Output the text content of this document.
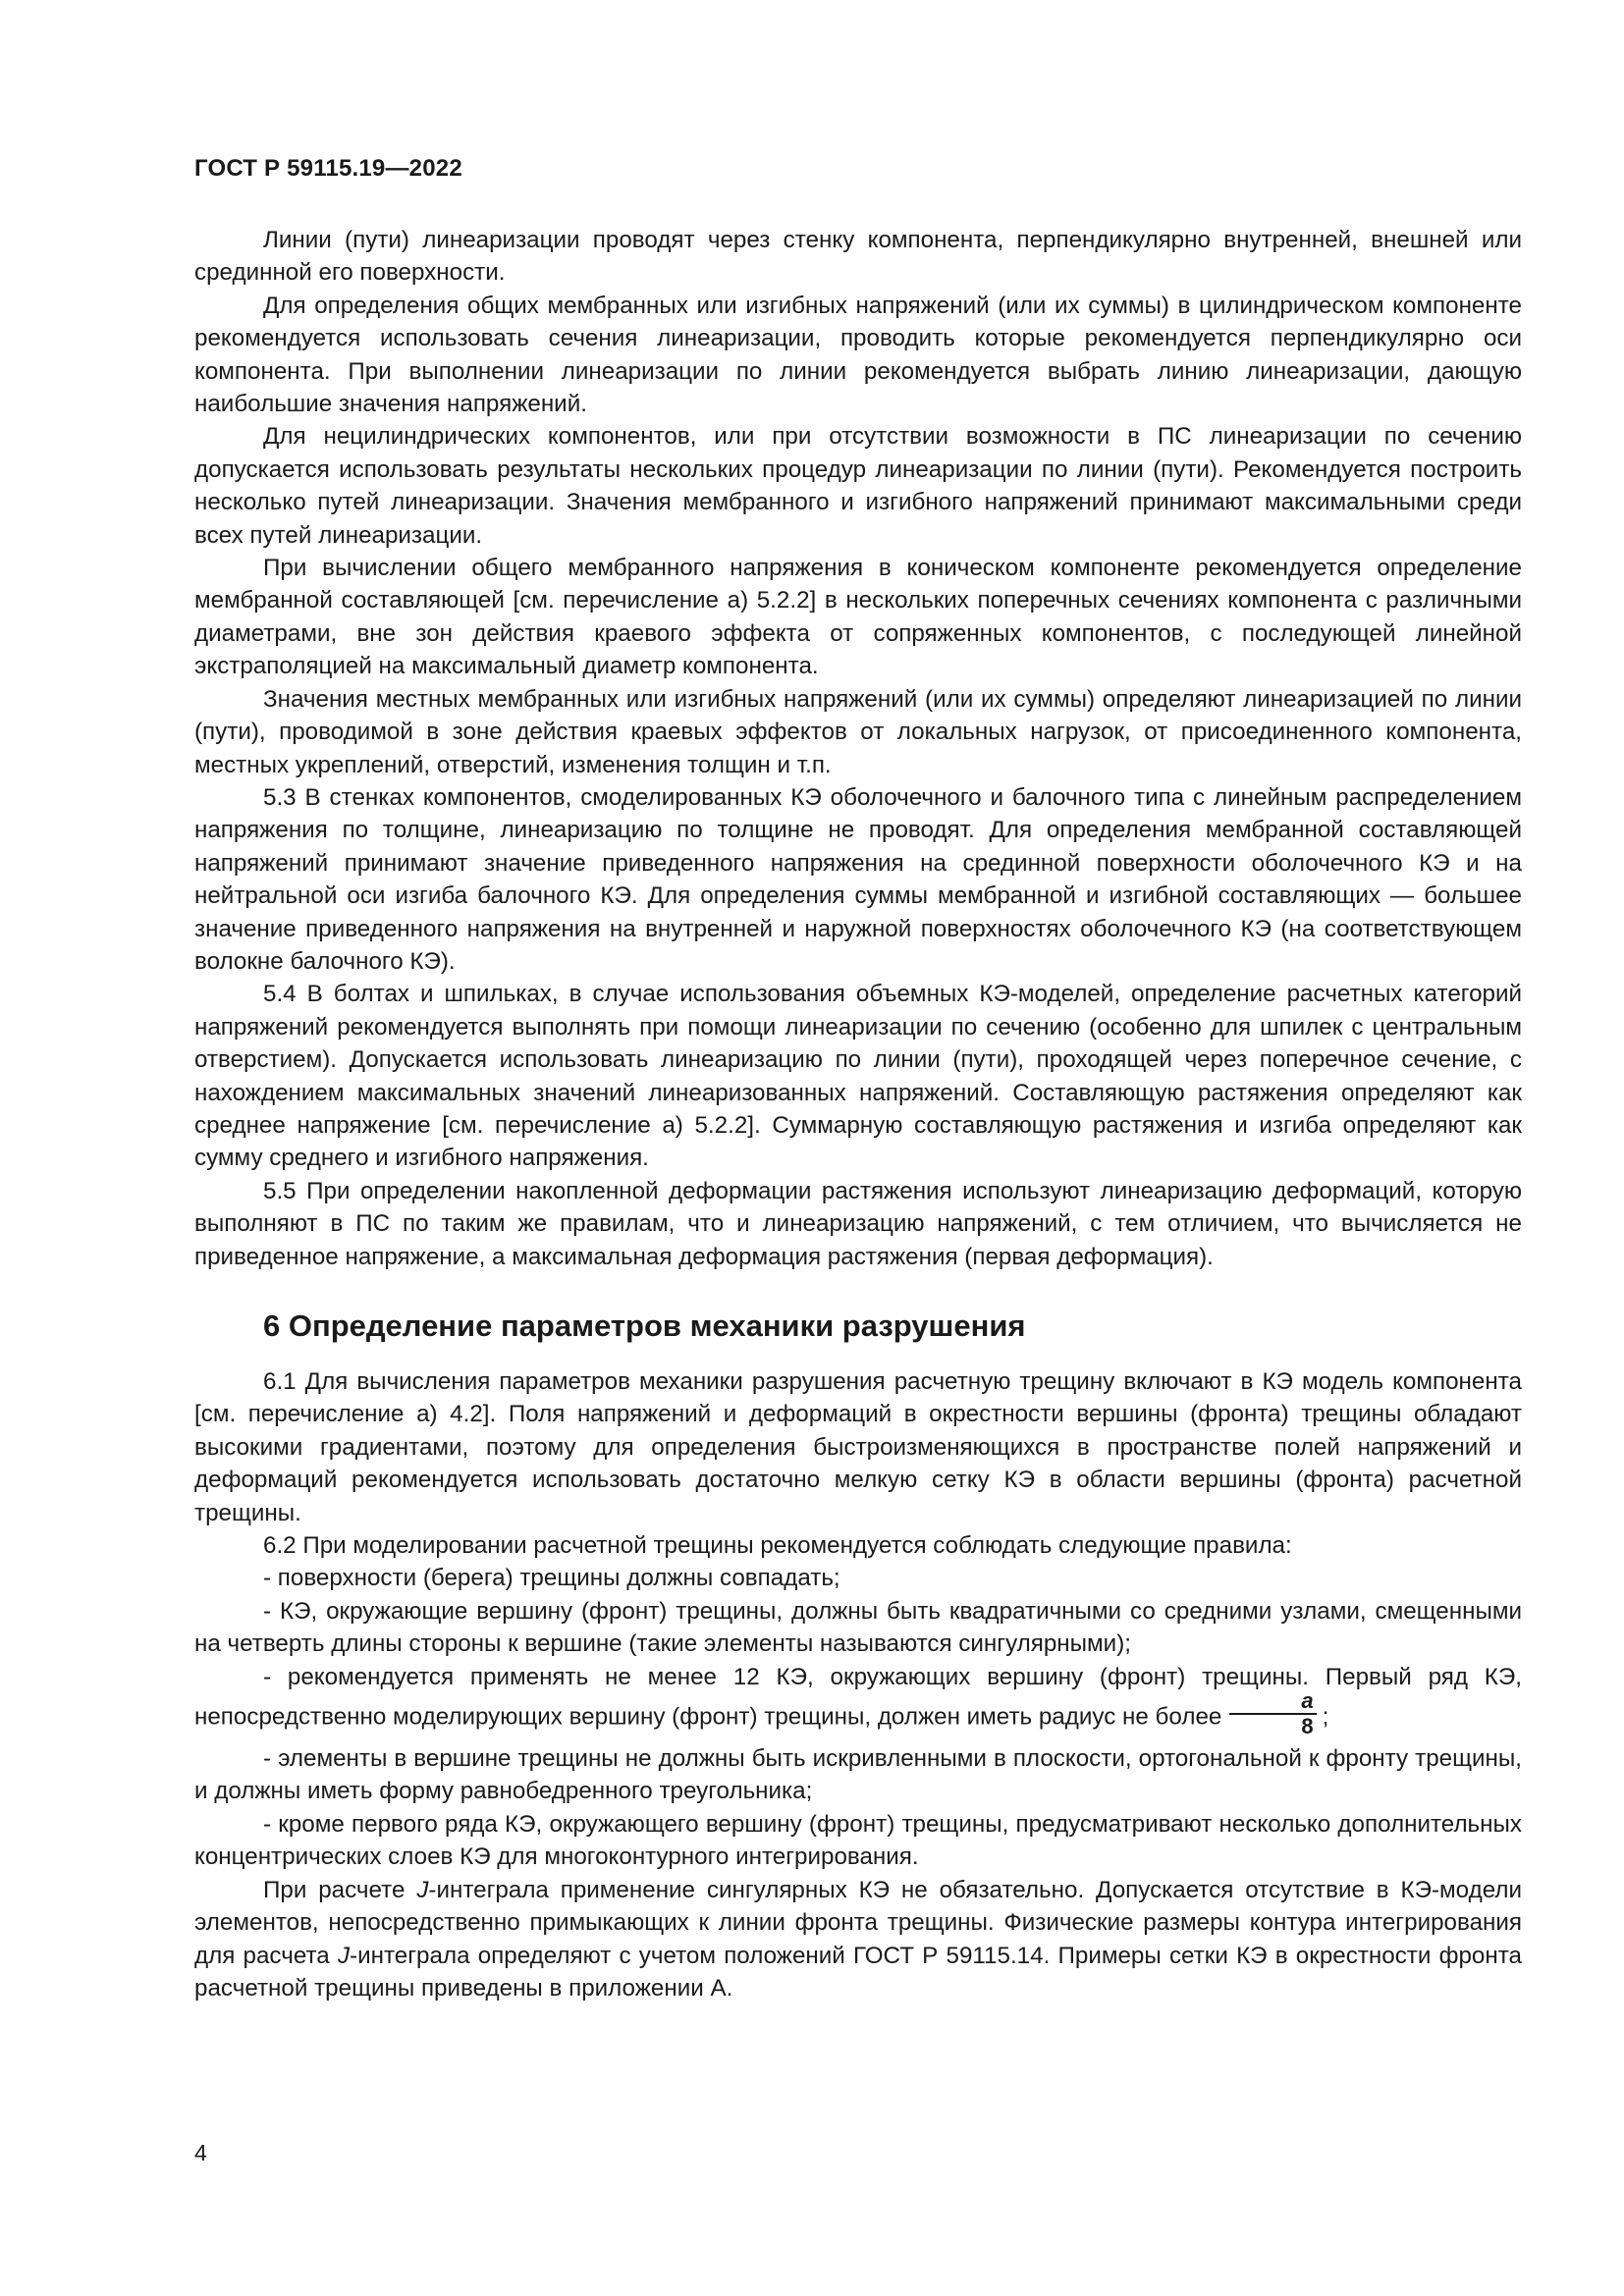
ГОСТ Р 59115.19—2022

Линии (пути) линеаризации проводят через стенку компонента, перпендикулярно внутренней, внешней или срединной его поверхности.

Для определения общих мембранных или изгибных напряжений (или их суммы) в цилиндрическом компоненте рекомендуется использовать сечения линеаризации, проводить которые рекомендуется перпендикулярно оси компонента. При выполнении линеаризации по линии рекомендуется выбрать линию линеаризации, дающую наибольшие значения напряжений.

Для нецилиндрических компонентов, или при отсутствии возможности в ПС линеаризации по сечению допускается использовать результаты нескольких процедур линеаризации по линии (пути). Рекомендуется построить несколько путей линеаризации. Значения мембранного и изгибного напряжений принимают максимальными среди всех путей линеаризации.

При вычислении общего мембранного напряжения в коническом компоненте рекомендуется определение мембранной составляющей [см. перечисление а) 5.2.2] в нескольких поперечных сечениях компонента с различными диаметрами, вне зон действия краевого эффекта от сопряженных компонентов, с последующей линейной экстраполяцией на максимальный диаметр компонента.

Значения местных мембранных или изгибных напряжений (или их суммы) определяют линеаризацией по линии (пути), проводимой в зоне действия краевых эффектов от локальных нагрузок, от присоединенного компонента, местных укреплений, отверстий, изменения толщин и т.п.

5.3 В стенках компонентов, смоделированных КЭ оболочечного и балочного типа с линейным распределением напряжения по толщине, линеаризацию по толщине не проводят. Для определения мембранной составляющей напряжений принимают значение приведенного напряжения на срединной поверхности оболочечного КЭ и на нейтральной оси изгиба балочного КЭ. Для определения суммы мембранной и изгибной составляющих — большее значение приведенного напряжения на внутренней и наружной поверхностях оболочечного КЭ (на соответствующем волокне балочного КЭ).

5.4 В болтах и шпильках, в случае использования объемных КЭ-моделей, определение расчетных категорий напряжений рекомендуется выполнять при помощи линеаризации по сечению (особенно для шпилек с центральным отверстием). Допускается использовать линеаризацию по линии (пути), проходящей через поперечное сечение, с нахождением максимальных значений линеаризованных напряжений. Составляющую растяжения определяют как среднее напряжение [см. перечисление а) 5.2.2]. Суммарную составляющую растяжения и изгиба определяют как сумму среднего и изгибного напряжения.

5.5 При определении накопленной деформации растяжения используют линеаризацию деформаций, которую выполняют в ПС по таким же правилам, что и линеаризацию напряжений, с тем отличием, что вычисляется не приведенное напряжение, а максимальная деформация растяжения (первая деформация).

6 Определение параметров механики разрушения

6.1 Для вычисления параметров механики разрушения расчетную трещину включают в КЭ модель компонента [см. перечисление а) 4.2]. Поля напряжений и деформаций в окрестности вершины (фронта) трещины обладают высокими градиентами, поэтому для определения быстроизменяющихся в пространстве полей напряжений и деформаций рекомендуется использовать достаточно мелкую сетку КЭ в области вершины (фронта) расчетной трещины.

6.2 При моделировании расчетной трещины рекомендуется соблюдать следующие правила:

- поверхности (берега) трещины должны совпадать;

- КЭ, окружающие вершину (фронт) трещины, должны быть квадратичными со средними узлами, смещенными на четверть длины стороны к вершине (такие элементы называются сингулярными);

- рекомендуется применять не менее 12 КЭ, окружающих вершину (фронт) трещины. Первый ряд КЭ, непосредственно моделирующих вершину (фронт) трещины, должен иметь радиус не более $\frac{a}{8}$ ;

- элементы в вершине трещины не должны быть искривленными в плоскости, ортогональной к фронту трещины, и должны иметь форму равнобедренного треугольника;

- кроме первого ряда КЭ, окружающего вершину (фронт) трещины, предусматривают несколько дополнительных концентрических слоев КЭ для многоконтурного интегрирования.

При расчете J-интеграла применение сингулярных КЭ не обязательно. Допускается отсутствие в КЭ-модели элементов, непосредственно примыкающих к линии фронта трещины. Физические размеры контура интегрирования для расчета J-интеграла определяют с учетом положений ГОСТ Р 59115.14. Примеры сетки КЭ в окрестности фронта расчетной трещины приведены в приложении А.

4
